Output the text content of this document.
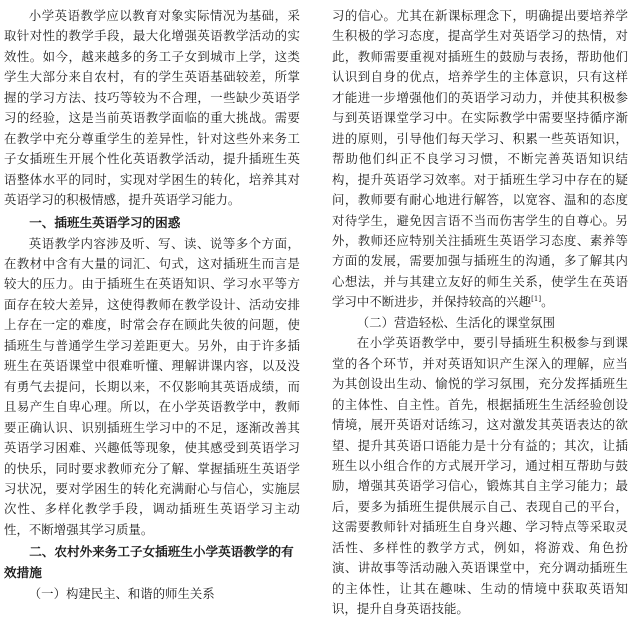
小学英语教学应以教育对象实际情况为基础，采取针对性的教学手段，最大化增强英语教学活动的实效性。如今，越来越多的务工子女到城市上学，这类学生大部分来自农村，有的学生英语基础较差，所掌握的学习方法、技巧等较为不合理，一些缺少英语学习的经验，这是当前英语教学面临的重大挑战。需要在教学中充分尊重学生的差异性，针对这些外来务工子女插班生开展个性化英语教学活动，提升插班生英语整体水平的同时，实现对学困生的转化，培养其对英语学习的积极情感，提升英语学习能力。

一、插班生英语学习的困惑

英语教学内容涉及听、写、读、说等多个方面，在教材中含有大量的词汇、句式，这对插班生而言是较大的压力。由于插班生在英语知识、学习水平等方面存在较大差异，这使得教师在教学设计、活动安排上存在一定的难度，时常会存在顾此失彼的问题，使插班生与普通学生学习差距更大。另外，由于许多插班生在英语课堂中很难听懂、理解讲课内容，以及没有勇气去提问，长期以来，不仅影响其英语成绩，而且易产生自卑心理。所以，在小学英语教学中，教师要正确认识、识别插班生学习中的不足，逐渐改善其英语学习困难、兴趣低等现象，使其感受到英语学习的快乐，同时要求教师充分了解、掌握插班生英语学习状况，要对学困生的转化充满耐心与信心，实施层次性、多样化教学手段，调动插班生英语学习主动性，不断增强其学习质量。

二、农村外来务工子女插班生小学英语教学的有效措施
（一）构建民主、和谐的师生关系

习的信心。尤其在新课标理念下，明确提出要培养学生积极的学习态度，提高学生对英语学习的热情，对此，教师需要重视对插班生的鼓励与表扬，帮助他们认识到自身的优点，培养学生的主体意识，只有这样才能进一步增强他们的英语学习动力，并使其积极参与到英语课堂学习中。在实际教学中需要坚持循序渐进的原则，引导他们每天学习、积累一些英语知识，帮助他们纠正不良学习习惯，不断完善英语知识结构，提升英语学习效率。对于插班生学习中存在的疑问，教师要有耐心地进行解答，以宽容、温和的态度对待学生，避免因言语不当而伤害学生的自尊心。另外，教师还应特别关注插班生英语学习态度、素养等方面的发展，需要加强与插班生的沟通，多了解其内心想法，并与其建立友好的师生关系，使学生在英语学习中不断进步，并保持较高的兴趣[1]。

（二）营造轻松、生活化的课堂氛围

在小学英语教学中，要引导插班生积极参与到课堂的各个环节，并对英语知识产生深入的理解，应当为其创设出生动、愉悦的学习氛围，充分发挥插班生的主体性、自主性。首先，根据插班生生活经验创设情境，展开英语对话练习，这对激发其英语表达的欲望、提升其英语口语能力是十分有益的；其次，让插班生以小组合作的方式展开学习，通过相互帮助与鼓励，增强其英语学习信心，锻炼其自主学习能力；最后，要多为插班生提供展示自己、表现自己的平台，这需要教师针对插班生自身兴趣、学习特点等采取灵活性、多样性的教学方式，例如，将游戏、角色扮演、讲故事等活动融入英语课堂中，充分调动插班生的主体性，让其在趣味、生动的情境中获取英语知识，提升自身英语技能。
